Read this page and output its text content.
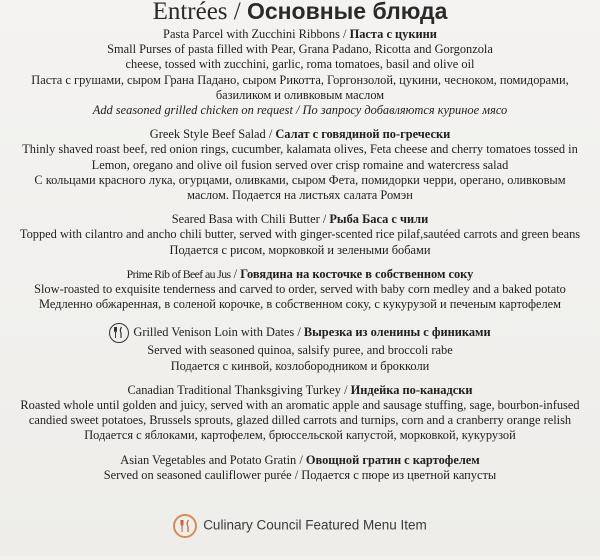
Entrées / Основные блюда

Pasta Parcel with Zucchini Ribbons / Паста с цукини

Small Purses of pasta filled with Pear, Grana Padano, Ricotta and Gorgonzola

cheese, tossed with zucchini, garlic, roma tomatoes, basil and olive oil

Паста с грушами, сыром Грана Падано, сыром Рикотта, Горгонзолой, цукини, чесноком, помидорами,

базиликом и оливковым маслом

Add seasoned grilled chicken on request / По запросу добавляются куриное мясо

Greek Style Beef Salad / Салат с говядиной по-гречески

Thinly shaved roast beef, red onion rings, cucumber, kalamata olives, Feta cheese and cherry tomatoes tossed in

Lemon, oregano and olive oil fusion served over crisp romaine and watercress salad

С кольцами красного лука, огурцами, оливками, сыром Фета, помидорки черри, орегано, оливковым

маслом. Подается на листьях салата Ромэн

Seared Basa with Chili Butter / Рыба Баса с чили

Topped with cilantro and ancho chili butter, served with ginger-scented rice pilaf,sautéed carrots and green beans

Подается с рисом, морковкой и зелеными бобами

Prime Rib of Beef au Jus / Говядина на косточке в собственном соку

Slow-roasted to exquisite tenderness and carved to order, served with baby corn medley and a baked potato

Медленно обжаренная, в соленой корочке, в собственном соку, с кукурузой и печеным картофелем

Grilled Venison Loin with Dates / Вырезка из оленины с финиками

Served with seasoned quinoa, salsify puree, and broccoli rabe

Подается с кинвой, козлобородником и брокколи

Canadian Traditional Thanksgiving Turkey / Индейка по-канадски

Roasted whole until golden and juicy, served with an aromatic apple and sausage stuffing, sage, bourbon-infused

candied sweet potatoes, Brussels sprouts, glazed dilled carrots and turnips, corn and a cranberry orange relish

Подается с яблоками, картофелем, брюссельской капустой, морковкой, кукурузой

Asian Vegetables and Potato Gratin / Овощной гратин с картофелем

Served on seasoned cauliflower purée / Подается с пюре из цветной капусты

Culinary Council Featured Menu Item
